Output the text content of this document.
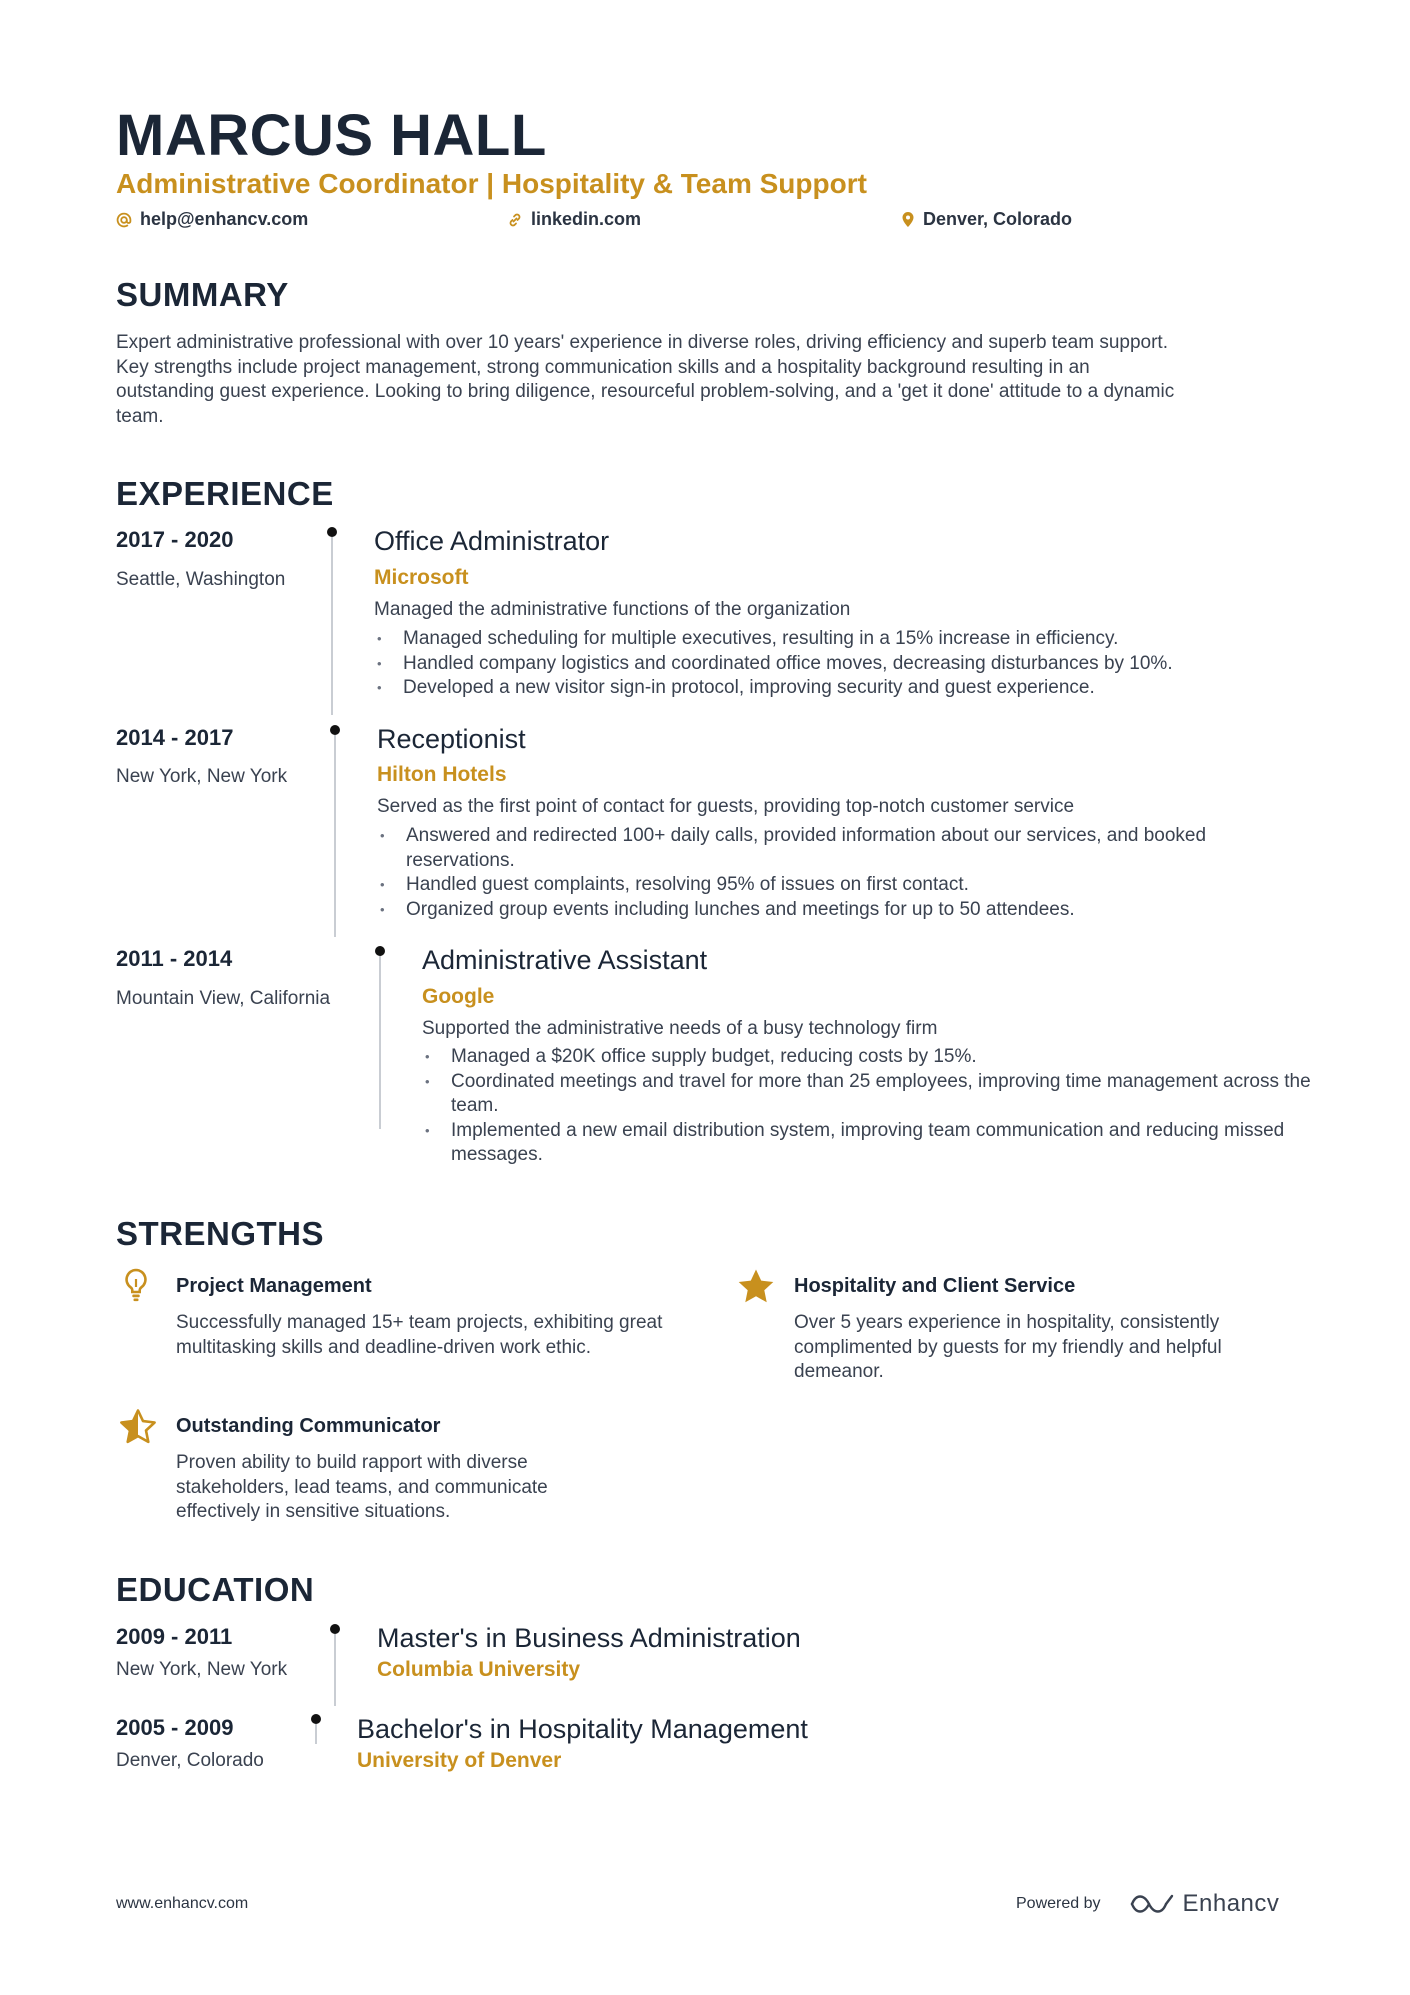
MARCUS HALL
Administrative Coordinator | Hospitality & Team Support
help@enhancv.com	linkedin.com	Denver, Colorado
SUMMARY
Expert administrative professional with over 10 years' experience in diverse roles, driving efficiency and superb team support.
Key strengths include project management, strong communication skills and a hospitality background resulting in an
outstanding guest experience. Looking to bring diligence, resourceful problem-solving, and a 'get it done' attitude to a dynamic
team.
EXPERIENCE
2017 - 2020
Seattle, Washington
Office Administrator
Microsoft
Managed the administrative functions of the organization
• Managed scheduling for multiple executives, resulting in a 15% increase in efficiency.
• Handled company logistics and coordinated office moves, decreasing disturbances by 10%.
• Developed a new visitor sign-in protocol, improving security and guest experience.
2014 - 2017
New York, New York
Receptionist
Hilton Hotels
Served as the first point of contact for guests, providing top-notch customer service
• Answered and redirected 100+ daily calls, provided information about our services, and booked reservations.
• Handled guest complaints, resolving 95% of issues on first contact.
• Organized group events including lunches and meetings for up to 50 attendees.
2011 - 2014
Mountain View, California
Administrative Assistant
Google
Supported the administrative needs of a busy technology firm
• Managed a $20K office supply budget, reducing costs by 15%.
• Coordinated meetings and travel for more than 25 employees, improving time management across the team.
• Implemented a new email distribution system, improving team communication and reducing missed messages.
STRENGTHS
Project Management
Successfully managed 15+ team projects, exhibiting great multitasking skills and deadline-driven work ethic.
Hospitality and Client Service
Over 5 years experience in hospitality, consistently complimented by guests for my friendly and helpful demeanor.
Outstanding Communicator
Proven ability to build rapport with diverse stakeholders, lead teams, and communicate effectively in sensitive situations.
EDUCATION
2009 - 2011
New York, New York
Master's in Business Administration
Columbia University
2005 - 2009
Denver, Colorado
Bachelor's in Hospitality Management
University of Denver
www.enhancv.com	Powered by	Enhancv
